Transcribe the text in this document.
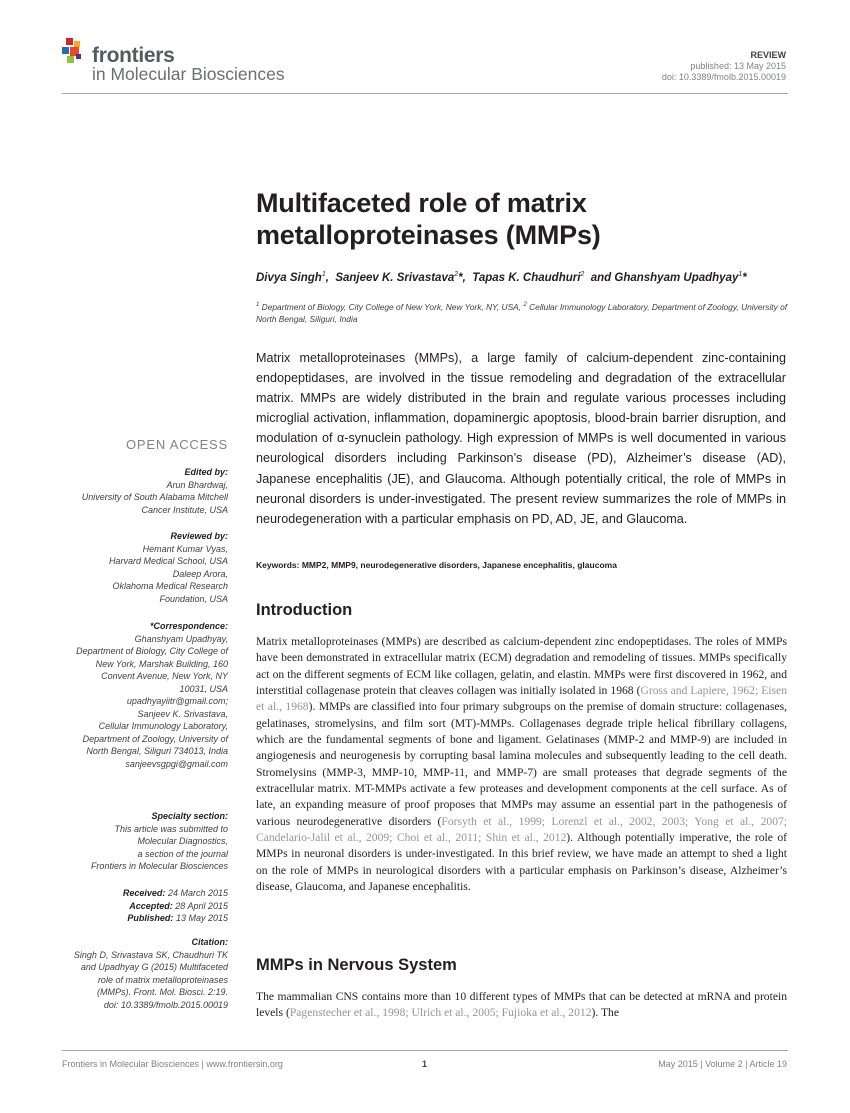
frontiers
in Molecular Biosciences
REVIEW
published: 13 May 2015
doi: 10.3389/fmolb.2015.00019
Multifaceted role of matrix metalloproteinases (MMPs)
Divya Singh$^1$, Sanjeev K. Srivastava$^2$*, Tapas K. Chaudhuri$^2$ and Ghanshyam Upadhyay$^1$*
$^1$ Department of Biology, City College of New York, New York, NY, USA, $^2$ Cellular Immunology Laboratory, Department of Zoology, University of North Bengal, Siliguri, India
Matrix metalloproteinases (MMPs), a large family of calcium-dependent zinc-containing endopeptidases, are involved in the tissue remodeling and degradation of the extracellular matrix. MMPs are widely distributed in the brain and regulate various processes including microglial activation, inflammation, dopaminergic apoptosis, blood-brain barrier disruption, and modulation of α-synuclein pathology. High expression of MMPs is well documented in various neurological disorders including Parkinson’s disease (PD), Alzheimer’s disease (AD), Japanese encephalitis (JE), and Glaucoma. Although potentially critical, the role of MMPs in neuronal disorders is under-investigated. The present review summarizes the role of MMPs in neurodegeneration with a particular emphasis on PD, AD, JE, and Glaucoma.
Keywords: MMP2, MMP9, neurodegenerative disorders, Japanese encephalitis, glaucoma
Introduction
Matrix metalloproteinases (MMPs) are described as calcium-dependent zinc endopeptidases. The roles of MMPs have been demonstrated in extracellular matrix (ECM) degradation and remodeling of tissues. MMPs specifically act on the different segments of ECM like collagen, gelatin, and elastin. MMPs were first discovered in 1962, and interstitial collagenase protein that cleaves collagen was initially isolated in 1968 (Gross and Lapiere, 1962; Eisen et al., 1968). MMPs are classified into four primary subgroups on the premise of domain structure: collagenases, gelatinases, stromelysins, and film sort (MT)-MMPs. Collagenases degrade triple helical fibrillary collagens, which are the fundamental segments of bone and ligament. Gelatinases (MMP-2 and MMP-9) are included in angiogenesis and neurogenesis by corrupting basal lamina molecules and subsequently leading to the cell death. Stromelysins (MMP-3, MMP-10, MMP-11, and MMP-7) are small proteases that degrade segments of the extracellular matrix. MT-MMPs activate a few proteases and development components at the cell surface. As of late, an expanding measure of proof proposes that MMPs may assume an essential part in the pathogenesis of various neurodegenerative disorders (Forsyth et al., 1999; Lorenzl et al., 2002, 2003; Yong et al., 2007; Candelario-Jalil et al., 2009; Choi et al., 2011; Shin et al., 2012). Although potentially imperative, the role of MMPs in neuronal disorders is under-investigated. In this brief review, we have made an attempt to shed a light on the role of MMPs in neurological disorders with a particular emphasis on Parkinson’s disease, Alzheimer’s disease, Glaucoma, and Japanese encephalitis.
MMPs in Nervous System
The mammalian CNS contains more than 10 different types of MMPs that can be detected at mRNA and protein levels (Pagenstecher et al., 1998; Ulrich et al., 2005; Fujioka et al., 2012). The
OPEN ACCESS
Edited by:
Arun Bhardwaj,
University of South Alabama Mitchell
Cancer Institute, USA
Reviewed by:
Hemant Kumar Vyas,
Harvard Medical School, USA
Daleep Arora,
Oklahoma Medical Research
Foundation, USA
*Correspondence:
Ghanshyam Upadhyay,
Department of Biology, City College of
New York, Marshak Building, 160
Convent Avenue, New York, NY
10031, USA
upadhyayiitr@gmail.com;
Sanjeev K. Srivastava,
Cellular Immunology Laboratory,
Department of Zoology, University of
North Bengal, Siliguri 734013, India
sanjeevsgpgi@gmail.com
Specialty section:
This article was submitted to
Molecular Diagnostics,
a section of the journal
Frontiers in Molecular Biosciences
Received: 24 March 2015
Accepted: 28 April 2015
Published: 13 May 2015
Citation:
Singh D, Srivastava SK, Chaudhuri TK
and Upadhyay G (2015) Multifaceted
role of matrix metalloproteinases
(MMPs). Front. Mol. Biosci. 2:19.
doi: 10.3389/fmolb.2015.00019
Frontiers in Molecular Biosciences | www.frontiersin.org	1	May 2015 | Volume 2 | Article 19
